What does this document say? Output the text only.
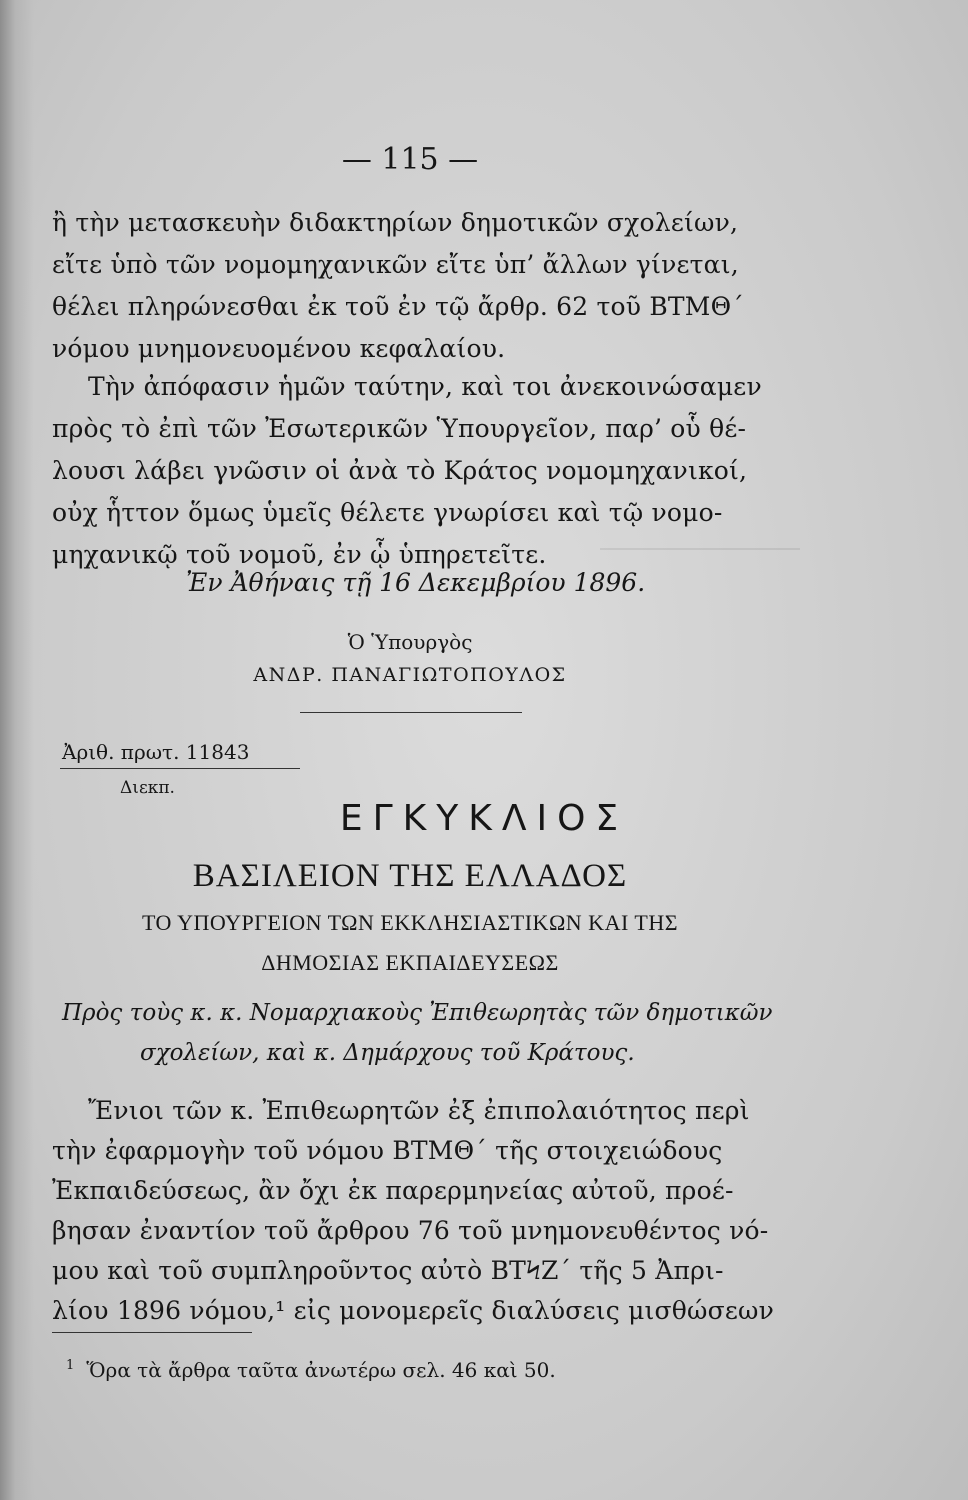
— 115 —
ἢ τὴν μετασκευὴν διδακτηρίων δημοτικῶν σχολείων,
εἴτε ὑπὸ τῶν νομομηχανικῶν εἴτε ὑπ’ ἄλλων γίνεται,
θέλει πληρώνεσθαι ἐκ τοῦ ἐν τῷ ἄρθρ. 62 τοῦ ΒΤΜΘ΄
νόμου μνημονευομένου κεφαλαίου.
Τὴν ἀπόφασιν ἡμῶν ταύτην, καὶ τοι ἀνεκοινώσαμεν
πρὸς τὸ ἐπὶ τῶν Ἐσωτερικῶν Ὑπουργεῖον, παρ’ οὗ θέ-
λουσι λάβει γνῶσιν οἱ ἀνὰ τὸ Κράτος νομομηχανικοί,
οὐχ ἧττον ὅμως ὑμεῖς θέλετε γνωρίσει καὶ τῷ νομο-
μηχανικῷ τοῦ νομοῦ, ἐν ᾧ ὑπηρετεῖτε.
Ἐν Ἀθήναις τῇ 16 Δεκεμβρίου 1896.
Ὁ Ὑπουργὸς
ΑΝΔΡ. ΠΑΝΑΓΙΩΤΟΠΟΥΛΟΣ
Ἀριθ. πρωτ. 11843
Διεκπ.
ΕΓΚΥΚΛΙΟΣ
ΒΑΣΙΛΕΙΟΝ ΤΗΣ ΕΛΛΑΔΟΣ
ΤΟ ΥΠΟΥΡΓΕΙΟΝ ΤΩΝ ΕΚΚΛΗΣΙΑΣΤΙΚΩΝ ΚΑΙ ΤΗΣ
ΔΗΜΟΣΙΑΣ ΕΚΠΑΙΔΕΥΣΕΩΣ
Πρὸς τοὺς κ. κ. Νομαρχιακοὺς Ἐπιθεωρητὰς τῶν δημοτικῶν
σχολείων, καὶ κ. Δημάρχους τοῦ Κράτους.
Ἔνιοι τῶν κ. Ἐπιθεωρητῶν ἐξ ἐπιπολαιότητος περὶ
τὴν ἐφαρμογὴν τοῦ νόμου ΒΤΜΘ΄ τῆς στοιχειώδους
Ἐκπαιδεύσεως, ἂν ὄχι ἐκ παρερμηνείας αὐτοῦ, προέ-
βησαν ἐναντίον τοῦ ἄρθρου 76 τοῦ μνημονευθέντος νό-
μου καὶ τοῦ συμπληροῦντος αὐτὸ ΒΤϞΖ΄ τῆς 5 Ἀπρι-
λίου 1896 νόμου,¹ εἰς μονομερεῖς διαλύσεις μισθώσεων
$^1$ Ὅρα τὰ ἄρθρα ταῦτα ἀνωτέρω σελ. 46 καὶ 50.
